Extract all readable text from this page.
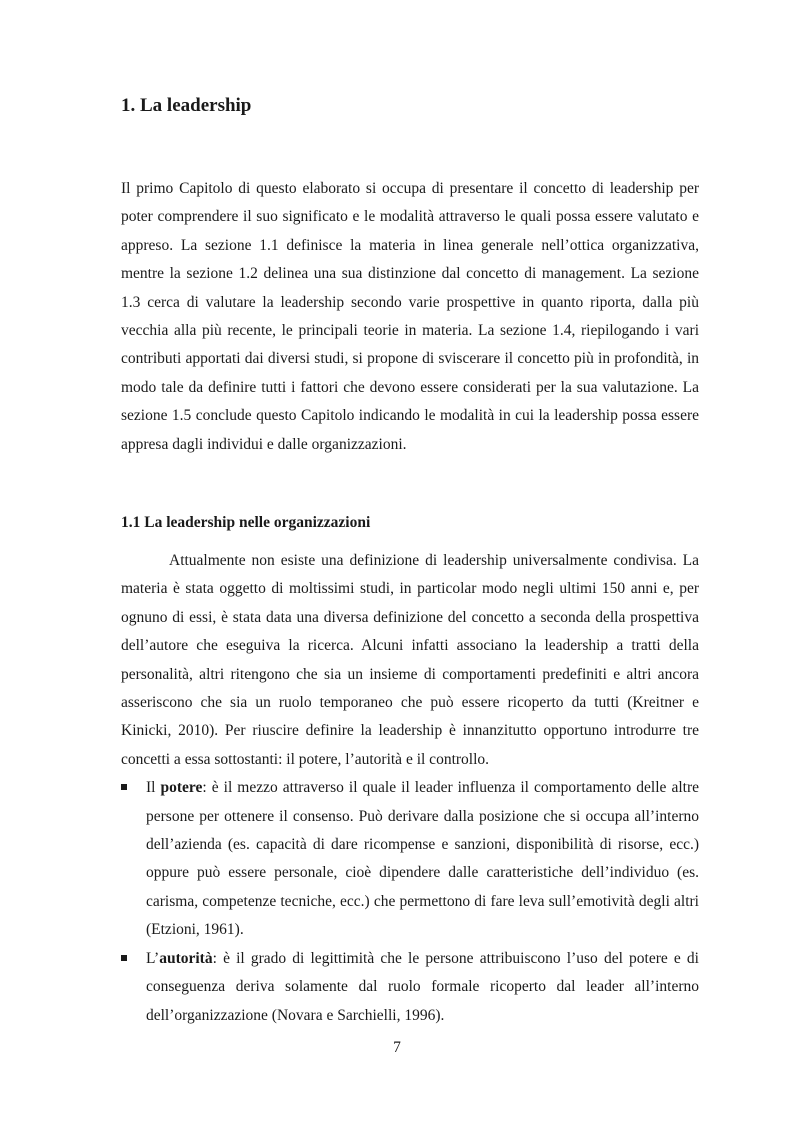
1. La leadership

Il primo Capitolo di questo elaborato si occupa di presentare il concetto di leadership per poter comprendere il suo significato e le modalità attraverso le quali possa essere valutato e appreso. La sezione 1.1 definisce la materia in linea generale nell’ottica organizzativa, mentre la sezione 1.2 delinea una sua distinzione dal concetto di management. La sezione 1.3 cerca di valutare la leadership secondo varie prospettive in quanto riporta, dalla più vecchia alla più recente, le principali teorie in materia. La sezione 1.4, riepilogando i vari contributi apportati dai diversi studi, si propone di sviscerare il concetto più in profondità, in modo tale da definire tutti i fattori che devono essere considerati per la sua valutazione. La sezione 1.5 conclude questo Capitolo indicando le modalità in cui la leadership possa essere appresa dagli individui e dalle organizzazioni.

1.1 La leadership nelle organizzazioni

Attualmente non esiste una definizione di leadership universalmente condivisa. La materia è stata oggetto di moltissimi studi, in particolar modo negli ultimi 150 anni e, per ognuno di essi, è stata data una diversa definizione del concetto a seconda della prospettiva dell’autore che eseguiva la ricerca. Alcuni infatti associano la leadership a tratti della personalità, altri ritengono che sia un insieme di comportamenti predefiniti e altri ancora asseriscono che sia un ruolo temporaneo che può essere ricoperto da tutti (Kreitner e Kinicki, 2010). Per riuscire definire la leadership è innanzitutto opportuno introdurre tre concetti a essa sottostanti: il potere, l’autorità e il controllo.

Il potere: è il mezzo attraverso il quale il leader influenza il comportamento delle altre persone per ottenere il consenso. Può derivare dalla posizione che si occupa all’interno dell’azienda (es. capacità di dare ricompense e sanzioni, disponibilità di risorse, ecc.) oppure può essere personale, cioè dipendere dalle caratteristiche dell’individuo (es. carisma, competenze tecniche, ecc.) che permettono di fare leva sull’emotività degli altri (Etzioni, 1961).
L’autorità: è il grado di legittimità che le persone attribuiscono l’uso del potere e di conseguenza deriva solamente dal ruolo formale ricoperto dal leader all’interno dell’organizzazione (Novara e Sarchielli, 1996).
7
